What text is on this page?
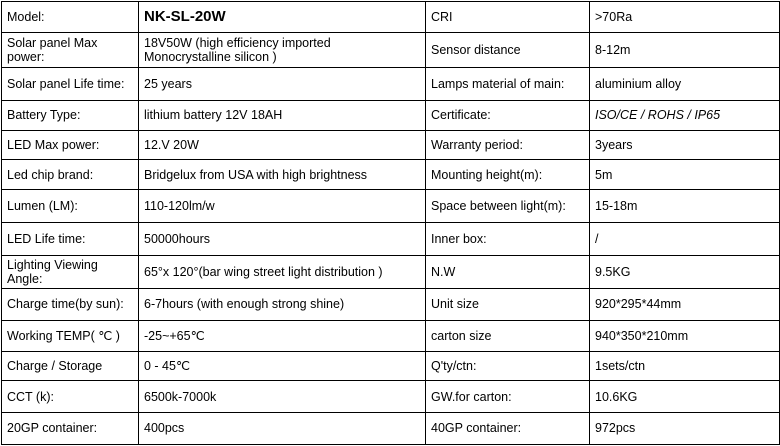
Model:	NK-SL-20W	CRI	>70Ra
Solar panel Max power:	18V50W (high efficiency imported Monocrystalline silicon )	Sensor distance	8-12m
Solar panel Life time:	25 years	Lamps material of main:	aluminium alloy
Battery Type:	lithium battery 12V 18AH	Certificate:	ISO/CE / ROHS / IP65
LED Max power:	12.V 20W	Warranty period:	3years
Led chip brand:	Bridgelux from USA with high brightness	Mounting height(m):	5m
Lumen (LM):	110-120lm/w	Space between light(m):	15-18m
LED Life time:	50000hours	Inner box:	/
Lighting Viewing Angle:	65°x 120°(bar wing street light distribution )	N.W	9.5KG
Charge time(by sun):	6-7hours (with enough strong shine)	Unit size	920*295*44mm
Working TEMP( ℃ )	-25~+65℃	carton size	940*350*210mm
Charge / Storage	0 - 45℃	Q'ty/ctn:	1sets/ctn
CCT (k):	6500k-7000k	GW.for carton:	10.6KG
20GP container:	400pcs	40GP container:	972pcs
